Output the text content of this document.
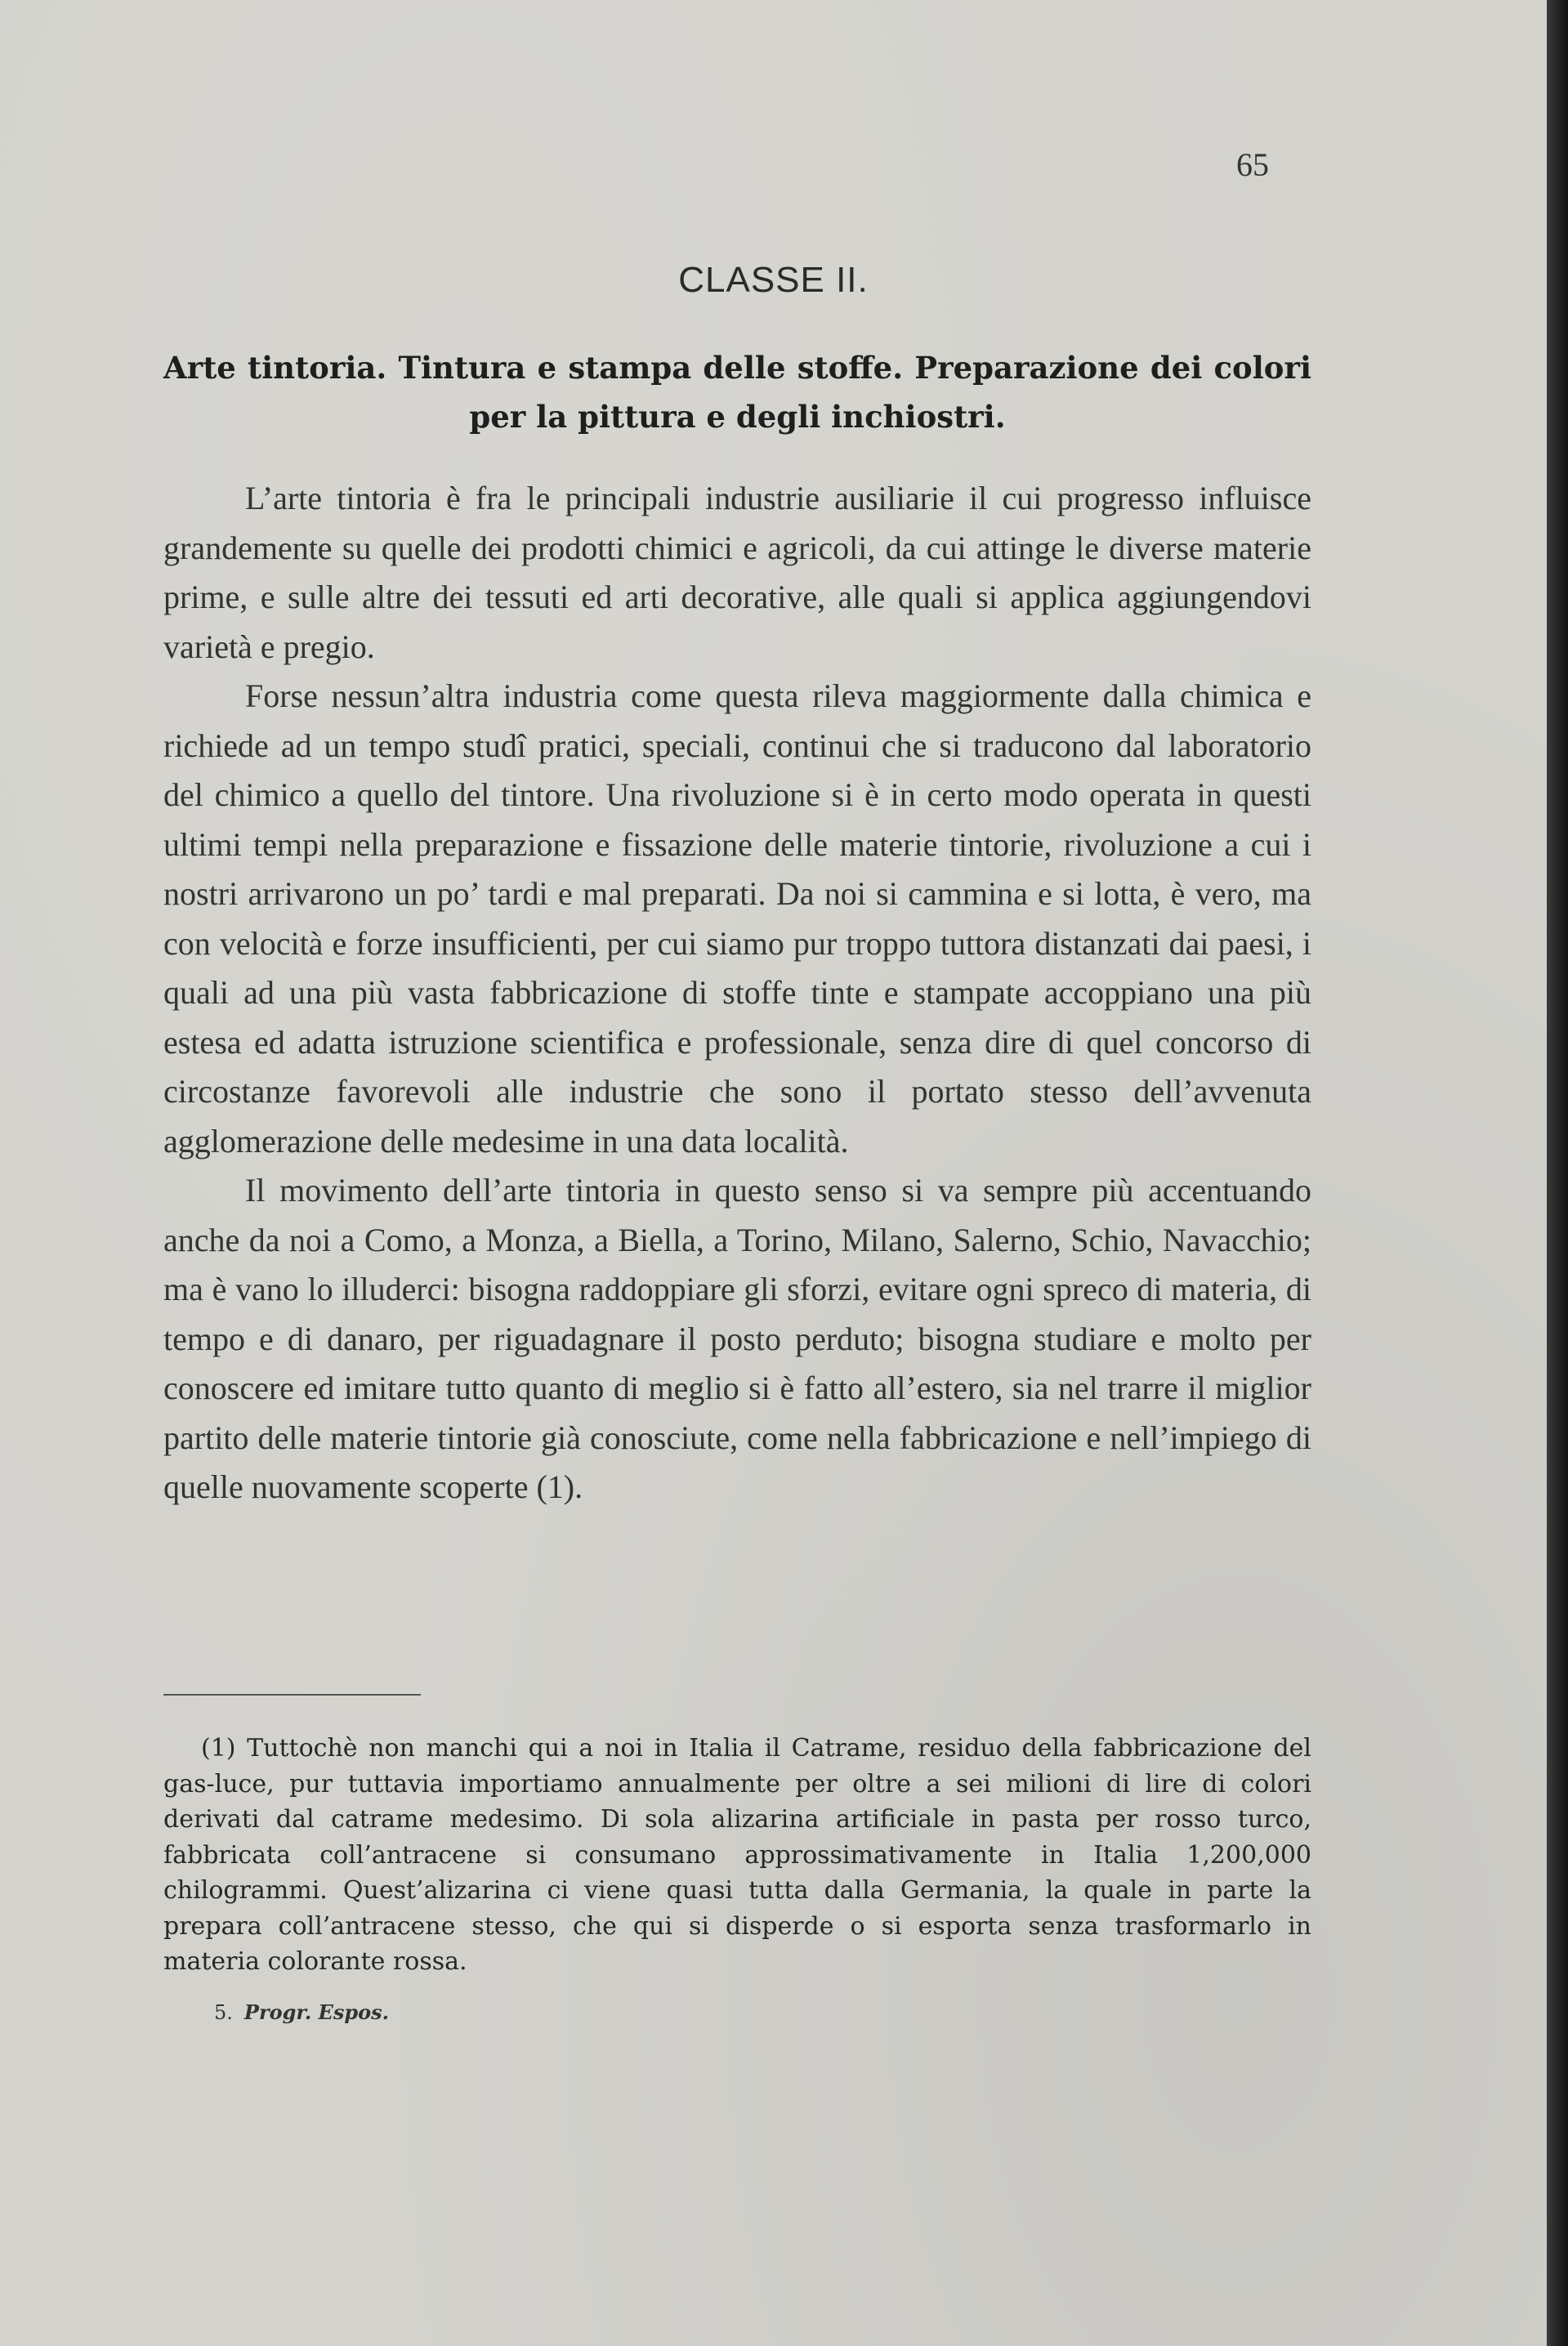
65
CLASSE II.
Arte tintoria. Tintura e stampa delle stoffe. Preparazione dei colori per la pittura e degli inchiostri.

L’arte tintoria è fra le principali industrie ausiliarie il cui progresso influisce grandemente su quelle dei prodotti chimici e agricoli, da cui attinge le diverse materie prime, e sulle altre dei tessuti ed arti decorative, alle quali si applica aggiungendovi varietà e pregio.

Forse nessun’altra industria come questa rileva maggiormente dalla chimica e richiede ad un tempo studî pratici, speciali, continui che si traducono dal laboratorio del chimico a quello del tintore. Una rivoluzione si è in certo modo operata in questi ultimi tempi nella preparazione e fissazione delle materie tintorie, rivoluzione a cui i nostri arrivarono un po’ tardi e mal preparati. Da noi si cammina e si lotta, è vero, ma con velocità e forze insufficienti, per cui siamo pur troppo tuttora distanzati dai paesi, i quali ad una più vasta fabbricazione di stoffe tinte e stampate accoppiano una più estesa ed adatta istruzione scientifica e professionale, senza dire di quel concorso di circostanze favorevoli alle industrie che sono il portato stesso dell’avvenuta agglomerazione delle medesime in una data località.

Il movimento dell’arte tintoria in questo senso si va sempre più accentuando anche da noi a Como, a Monza, a Biella, a Torino, Milano, Salerno, Schio, Navacchio; ma è vano lo illuderci: bisogna raddoppiare gli sforzi, evitare ogni spreco di materia, di tempo e di danaro, per riguadagnare il posto perduto; bisogna studiare e molto per conoscere ed imitare tutto quanto di meglio si è fatto all’estero, sia nel trarre il miglior partito delle materie tintorie già conosciute, come nella fabbricazione e nell’impiego di quelle nuovamente scoperte (1).

(1) Tuttochè non manchi qui a noi in Italia il Catrame, residuo della fabbricazione del gas-luce, pur tuttavia importiamo annualmente per oltre a sei milioni di lire di colori derivati dal catrame medesimo. Di sola alizarina artificiale in pasta per rosso turco, fabbricata coll’antracene si consumano approssimativamente in Italia 1,200,000 chilogrammi. Quest’alizarina ci viene quasi tutta dalla Germania, la quale in parte la prepara coll’antracene stesso, che qui si disperde o si esporta senza trasformarlo in materia colorante rossa.
5. Progr. Espos.
